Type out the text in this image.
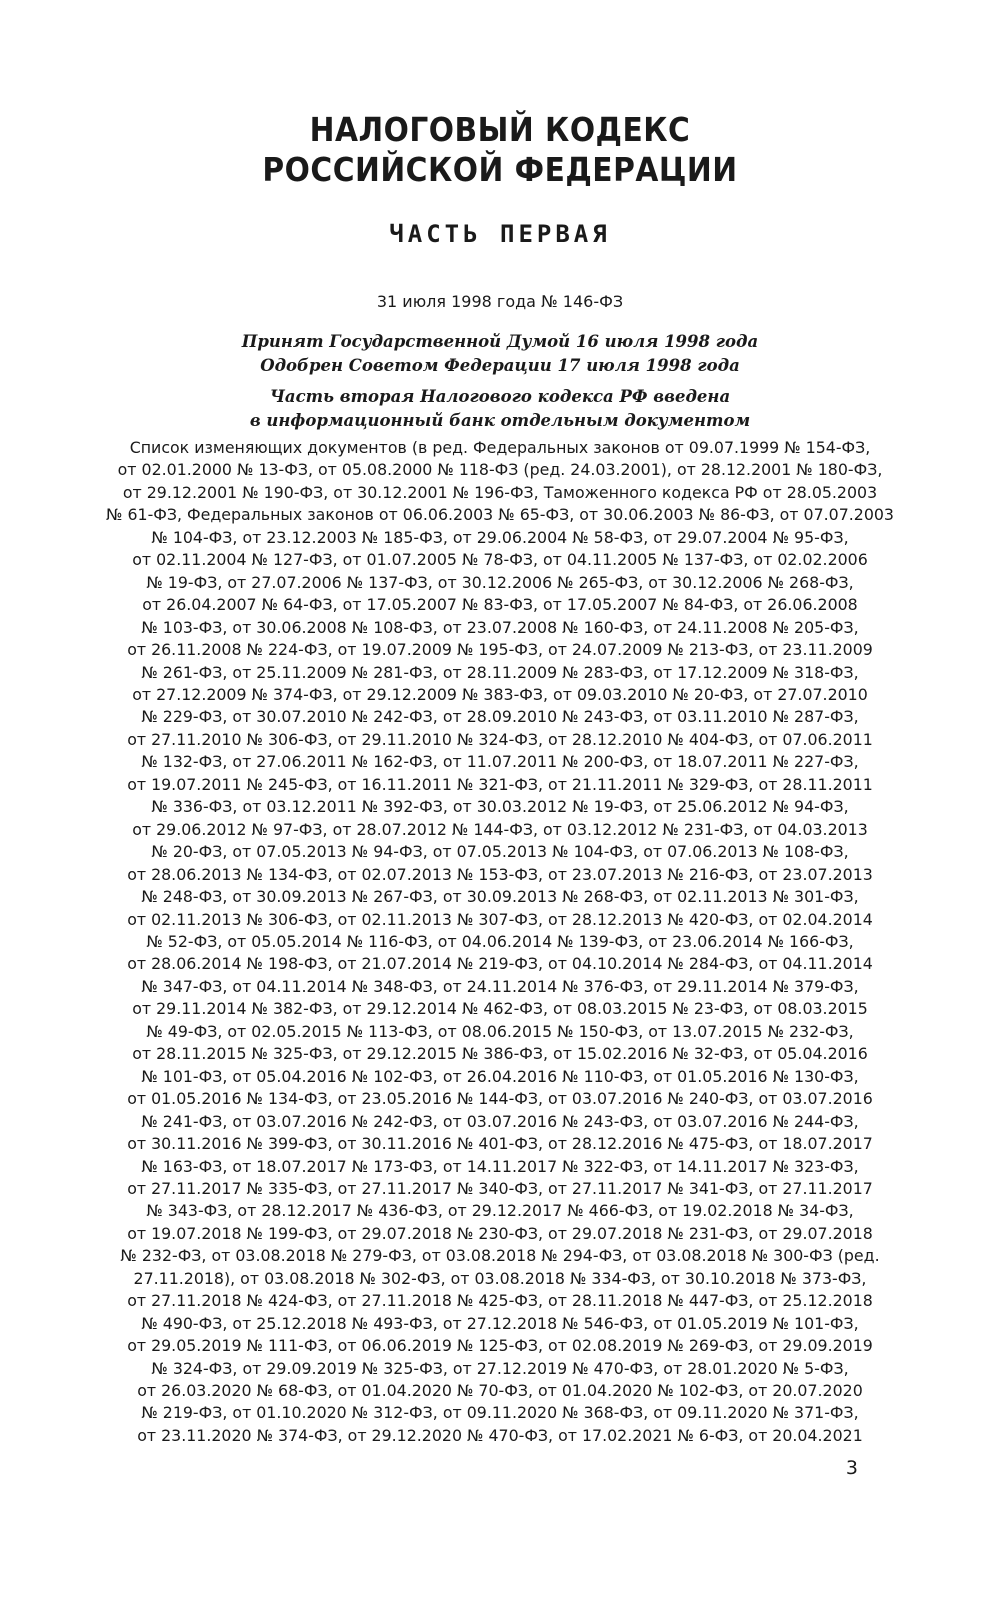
НАЛОГОВЫЙ КОДЕКС
РОССИЙСКОЙ ФЕДЕРАЦИИ
ЧАСТЬ ПЕРВАЯ

31 июля 1998 года № 146-ФЗ

Принят Государственной Думой 16 июля 1998 года
Одобрен Советом Федерации 17 июля 1998 года

Часть вторая Налогового кодекса РФ введена
в информационный банк отдельным документом

Список изменяющих документов (в ред. Федеральных законов от 09.07.1999 № 154-ФЗ,
от 02.01.2000 № 13-ФЗ, от 05.08.2000 № 118-ФЗ (ред. 24.03.2001), от 28.12.2001 № 180-ФЗ,
от 29.12.2001 № 190-ФЗ, от 30.12.2001 № 196-ФЗ, Таможенного кодекса РФ от 28.05.2003
№ 61-ФЗ, Федеральных законов от 06.06.2003 № 65-ФЗ, от 30.06.2003 № 86-ФЗ, от 07.07.2003
№ 104-ФЗ, от 23.12.2003 № 185-ФЗ, от 29.06.2004 № 58-ФЗ, от 29.07.2004 № 95-ФЗ,
от 02.11.2004 № 127-ФЗ, от 01.07.2005 № 78-ФЗ, от 04.11.2005 № 137-ФЗ, от 02.02.2006
№ 19-ФЗ, от 27.07.2006 № 137-ФЗ, от 30.12.2006 № 265-ФЗ, от 30.12.2006 № 268-ФЗ,
от 26.04.2007 № 64-ФЗ, от 17.05.2007 № 83-ФЗ, от 17.05.2007 № 84-ФЗ, от 26.06.2008
№ 103-ФЗ, от 30.06.2008 № 108-ФЗ, от 23.07.2008 № 160-ФЗ, от 24.11.2008 № 205-ФЗ,
от 26.11.2008 № 224-ФЗ, от 19.07.2009 № 195-ФЗ, от 24.07.2009 № 213-ФЗ, от 23.11.2009
№ 261-ФЗ, от 25.11.2009 № 281-ФЗ, от 28.11.2009 № 283-ФЗ, от 17.12.2009 № 318-ФЗ,
от 27.12.2009 № 374-ФЗ, от 29.12.2009 № 383-ФЗ, от 09.03.2010 № 20-ФЗ, от 27.07.2010
№ 229-ФЗ, от 30.07.2010 № 242-ФЗ, от 28.09.2010 № 243-ФЗ, от 03.11.2010 № 287-ФЗ,
от 27.11.2010 № 306-ФЗ, от 29.11.2010 № 324-ФЗ, от 28.12.2010 № 404-ФЗ, от 07.06.2011
№ 132-ФЗ, от 27.06.2011 № 162-ФЗ, от 11.07.2011 № 200-ФЗ, от 18.07.2011 № 227-ФЗ,
от 19.07.2011 № 245-ФЗ, от 16.11.2011 № 321-ФЗ, от 21.11.2011 № 329-ФЗ, от 28.11.2011
№ 336-ФЗ, от 03.12.2011 № 392-ФЗ, от 30.03.2012 № 19-ФЗ, от 25.06.2012 № 94-ФЗ,
от 29.06.2012 № 97-ФЗ, от 28.07.2012 № 144-ФЗ, от 03.12.2012 № 231-ФЗ, от 04.03.2013
№ 20-ФЗ, от 07.05.2013 № 94-ФЗ, от 07.05.2013 № 104-ФЗ, от 07.06.2013 № 108-ФЗ,
от 28.06.2013 № 134-ФЗ, от 02.07.2013 № 153-ФЗ, от 23.07.2013 № 216-ФЗ, от 23.07.2013
№ 248-ФЗ, от 30.09.2013 № 267-ФЗ, от 30.09.2013 № 268-ФЗ, от 02.11.2013 № 301-ФЗ,
от 02.11.2013 № 306-ФЗ, от 02.11.2013 № 307-ФЗ, от 28.12.2013 № 420-ФЗ, от 02.04.2014
№ 52-ФЗ, от 05.05.2014 № 116-ФЗ, от 04.06.2014 № 139-ФЗ, от 23.06.2014 № 166-ФЗ,
от 28.06.2014 № 198-ФЗ, от 21.07.2014 № 219-ФЗ, от 04.10.2014 № 284-ФЗ, от 04.11.2014
№ 347-ФЗ, от 04.11.2014 № 348-ФЗ, от 24.11.2014 № 376-ФЗ, от 29.11.2014 № 379-ФЗ,
от 29.11.2014 № 382-ФЗ, от 29.12.2014 № 462-ФЗ, от 08.03.2015 № 23-ФЗ, от 08.03.2015
№ 49-ФЗ, от 02.05.2015 № 113-ФЗ, от 08.06.2015 № 150-ФЗ, от 13.07.2015 № 232-ФЗ,
от 28.11.2015 № 325-ФЗ, от 29.12.2015 № 386-ФЗ, от 15.02.2016 № 32-ФЗ, от 05.04.2016
№ 101-ФЗ, от 05.04.2016 № 102-ФЗ, от 26.04.2016 № 110-ФЗ, от 01.05.2016 № 130-ФЗ,
от 01.05.2016 № 134-ФЗ, от 23.05.2016 № 144-ФЗ, от 03.07.2016 № 240-ФЗ, от 03.07.2016
№ 241-ФЗ, от 03.07.2016 № 242-ФЗ, от 03.07.2016 № 243-ФЗ, от 03.07.2016 № 244-ФЗ,
от 30.11.2016 № 399-ФЗ, от 30.11.2016 № 401-ФЗ, от 28.12.2016 № 475-ФЗ, от 18.07.2017
№ 163-ФЗ, от 18.07.2017 № 173-ФЗ, от 14.11.2017 № 322-ФЗ, от 14.11.2017 № 323-ФЗ,
от 27.11.2017 № 335-ФЗ, от 27.11.2017 № 340-ФЗ, от 27.11.2017 № 341-ФЗ, от 27.11.2017
№ 343-ФЗ, от 28.12.2017 № 436-ФЗ, от 29.12.2017 № 466-ФЗ, от 19.02.2018 № 34-ФЗ,
от 19.07.2018 № 199-ФЗ, от 29.07.2018 № 230-ФЗ, от 29.07.2018 № 231-ФЗ, от 29.07.2018
№ 232-ФЗ, от 03.08.2018 № 279-ФЗ, от 03.08.2018 № 294-ФЗ, от 03.08.2018 № 300-ФЗ (ред.
27.11.2018), от 03.08.2018 № 302-ФЗ, от 03.08.2018 № 334-ФЗ, от 30.10.2018 № 373-ФЗ,
от 27.11.2018 № 424-ФЗ, от 27.11.2018 № 425-ФЗ, от 28.11.2018 № 447-ФЗ, от 25.12.2018
№ 490-ФЗ, от 25.12.2018 № 493-ФЗ, от 27.12.2018 № 546-ФЗ, от 01.05.2019 № 101-ФЗ,
от 29.05.2019 № 111-ФЗ, от 06.06.2019 № 125-ФЗ, от 02.08.2019 № 269-ФЗ, от 29.09.2019
№ 324-ФЗ, от 29.09.2019 № 325-ФЗ, от 27.12.2019 № 470-ФЗ, от 28.01.2020 № 5-ФЗ,
от 26.03.2020 № 68-ФЗ, от 01.04.2020 № 70-ФЗ, от 01.04.2020 № 102-ФЗ, от 20.07.2020
№ 219-ФЗ, от 01.10.2020 № 312-ФЗ, от 09.11.2020 № 368-ФЗ, от 09.11.2020 № 371-ФЗ,
от 23.11.2020 № 374-ФЗ, от 29.12.2020 № 470-ФЗ, от 17.02.2021 № 6-ФЗ, от 20.04.2021
3
